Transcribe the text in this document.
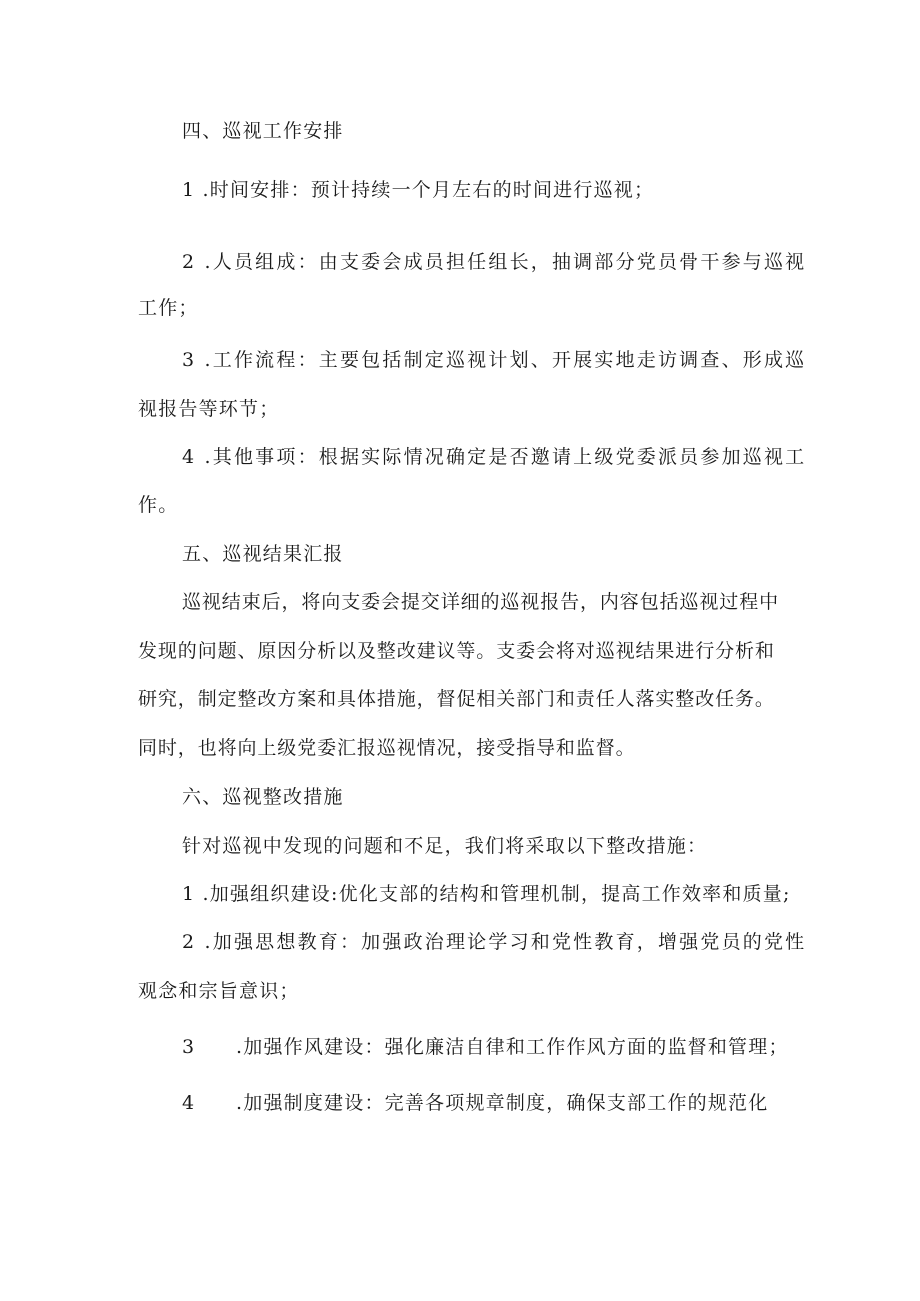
四、巡视工作安排
1 .时间安排：预计持续一个月左右的时间进行巡视；
2 .人员组成：由支委会成员担任组长，抽调部分党员骨干参与巡视
工作；
3 .工作流程：主要包括制定巡视计划、开展实地走访调查、形成巡
视报告等环节；
4 .其他事项：根据实际情况确定是否邀请上级党委派员参加巡视工
作。
五、巡视结果汇报
巡视结束后，将向支委会提交详细的巡视报告，内容包括巡视过程中
发现的问题、原因分析以及整改建议等。支委会将对巡视结果进行分析和
研究，制定整改方案和具体措施，督促相关部门和责任人落实整改任务。
同时，也将向上级党委汇报巡视情况，接受指导和监督。
六、巡视整改措施
针对巡视中发现的问题和不足，我们将采取以下整改措施：
1 .加强组织建设:优化支部的结构和管理机制，提高工作效率和质量;
2 .加强思想教育：加强政治理论学习和党性教育，增强党员的党性
观念和宗旨意识；
3 .加强作风建设：强化廉洁自律和工作作风方面的监督和管理；
4 .加强制度建设：完善各项规章制度，确保支部工作的规范化
